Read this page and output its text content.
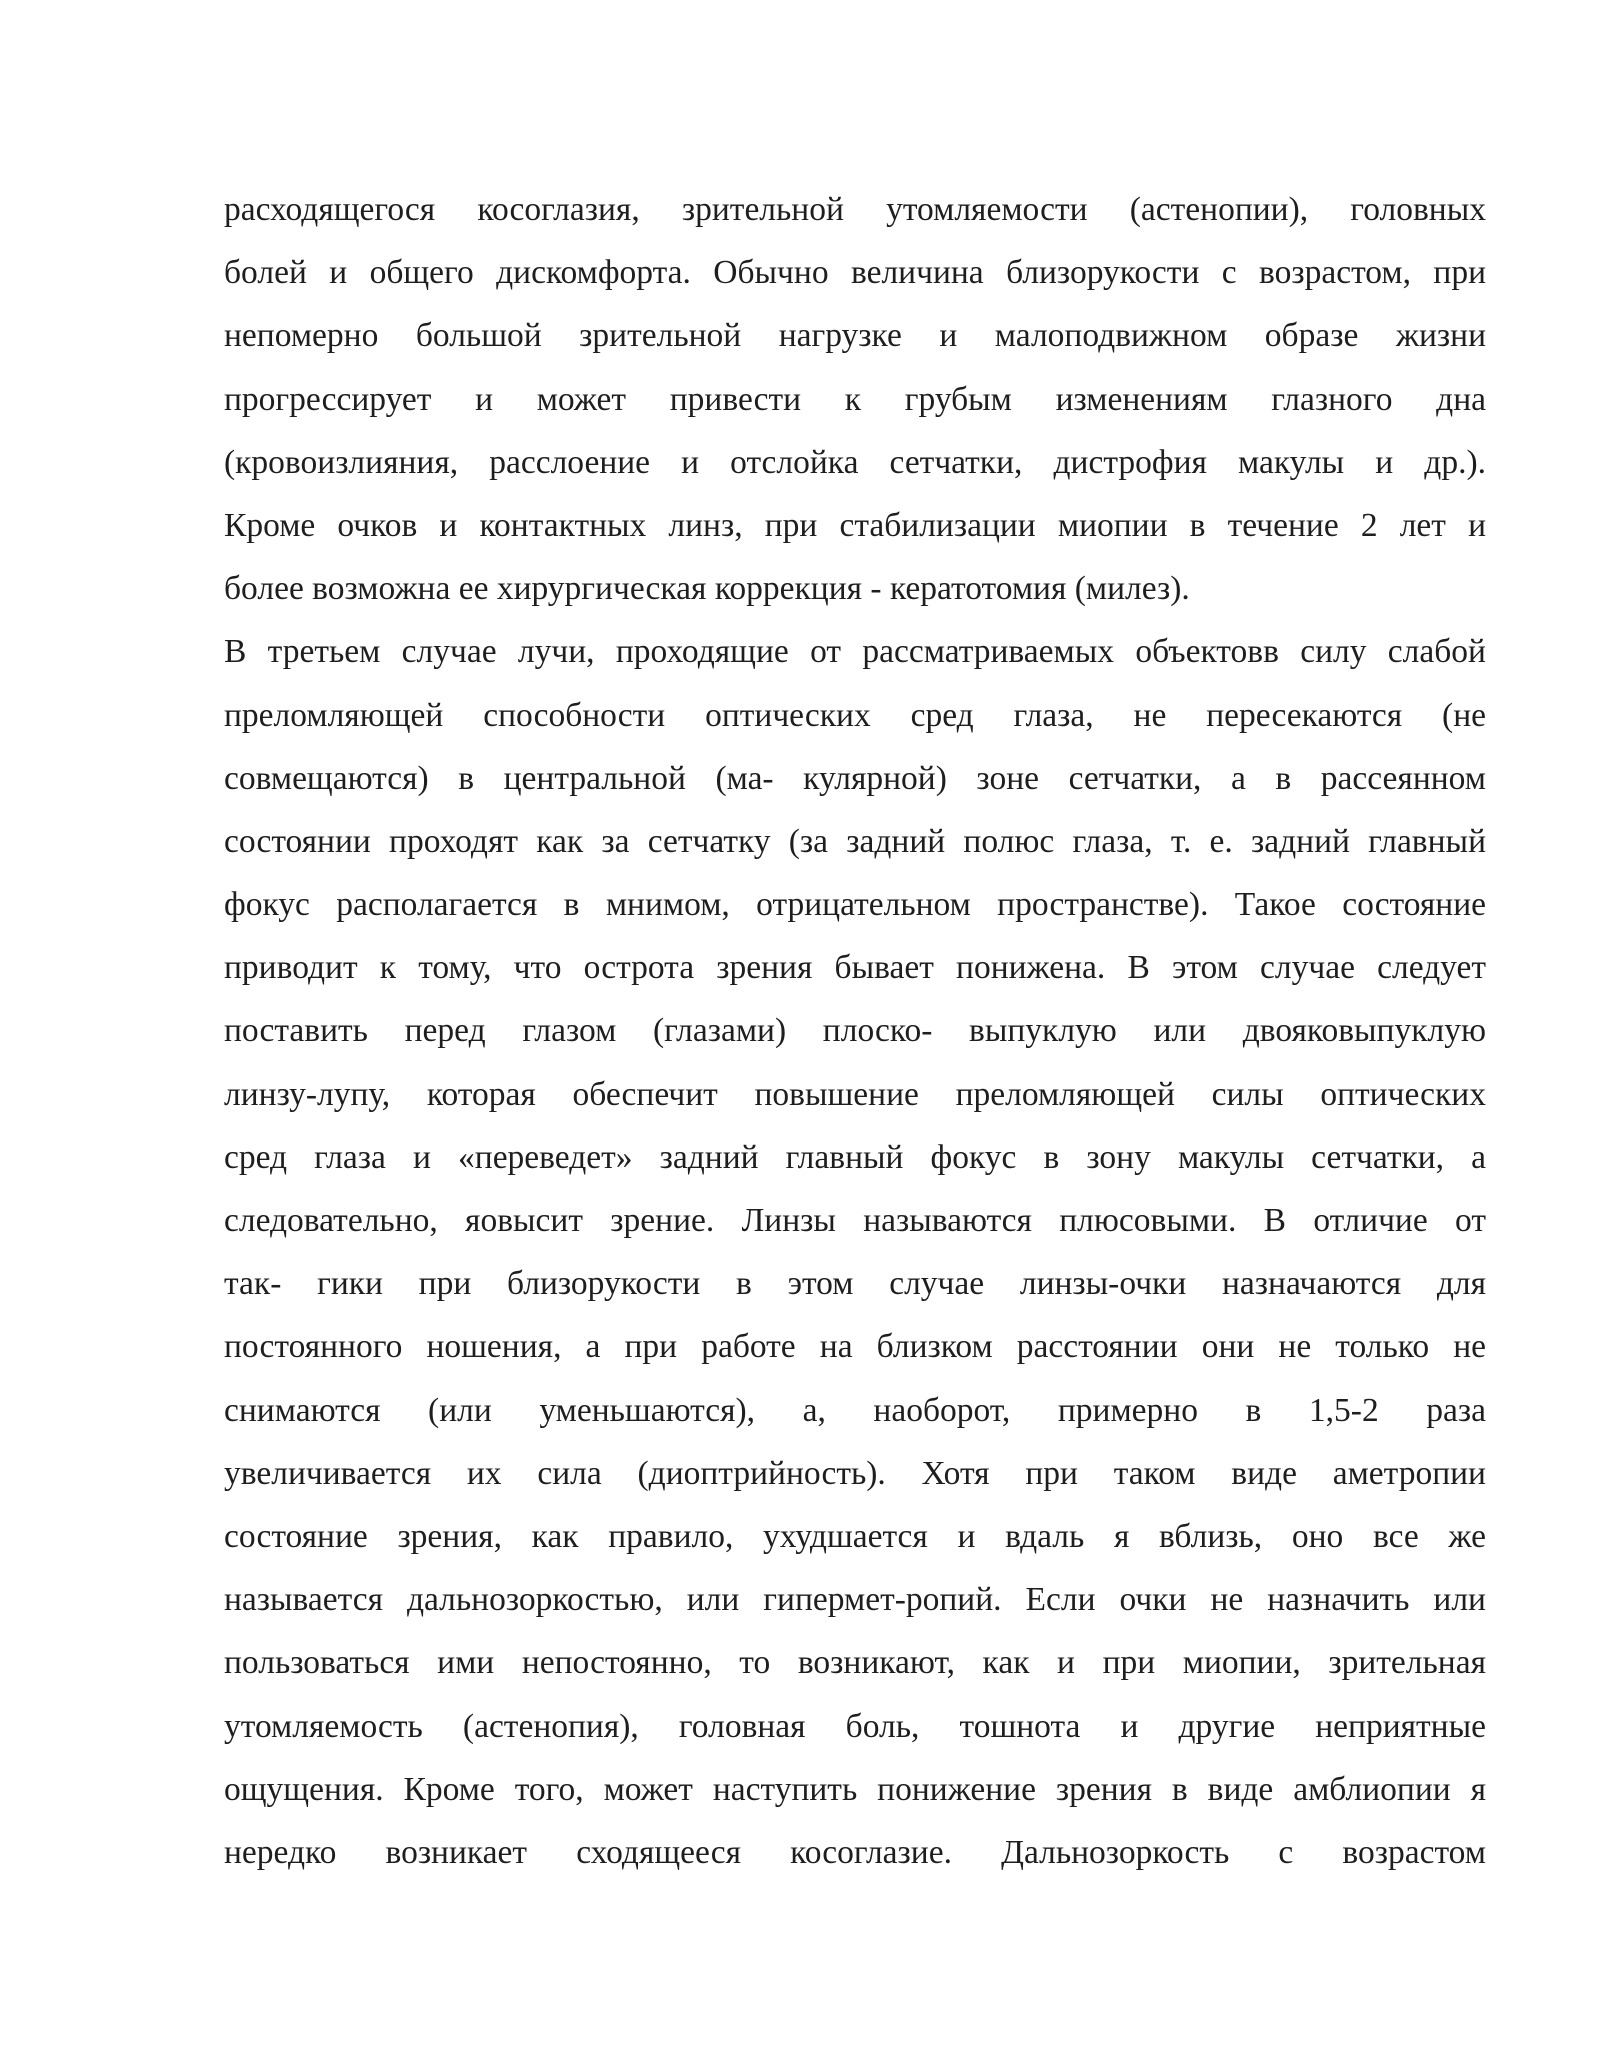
расходящегося косоглазия, зрительной утомляемости (астенопии), головных
болей и общего дискомфорта. Обычно величина близорукости с возрастом, при
непомерно большой зрительной нагрузке и малоподвижном образе жизни
прогрессирует и может привести к грубым изменениям глазного дна
(кровоизлияния, расслоение и отслойка сетчатки, дистрофия макулы и др.).
Кроме очков и контактных линз, при стабилизации миопии в течение 2 лет и
более возможна ее хирургическая коррекция - кератотомия (милез).
В третьем случае лучи, проходящие от рассматриваемых объектовв силу слабой
преломляющей способности оптических сред глаза, не пересекаются (не
совмещаются) в центральной (ма- кулярной) зоне сетчатки, а в рассеянном
состоянии проходят как за сетчатку (за задний полюс глаза, т. е. задний главный
фокус располагается в мнимом, отрицательном пространстве). Такое состояние
приводит к тому, что острота зрения бывает понижена. В этом случае следует
поставить перед глазом (глазами) плоско- выпуклую или двояковыпуклую
линзу-лупу, которая обеспечит повышение преломляющей силы оптических
сред глаза и «переведет» задний главный фокус в зону макулы сетчатки, а
следовательно, яовысит зрение. Линзы называются плюсовыми. В отличие от
так- гики при близорукости в этом случае линзы-очки назначаются для
постоянного ношения, а при работе на близком расстоянии они не только не
снимаются (или уменьшаются), а, наоборот, примерно в 1,5-2 раза
увеличивается их сила (диоптрийность). Хотя при таком виде аметропии
состояние зрения, как правило, ухудшается и вдаль я вблизь, оно все же
называется дальнозоркостью, или гипермет-ропий. Если очки не назначить или
пользоваться ими непостоянно, то возникают, как и при миопии, зрительная
утомляемость (астенопия), головная боль, тошнота и другие неприятные
ощущения. Кроме того, может наступить понижение зрения в виде амблиопии я
нередко возникает сходящееся косоглазие. Дальнозоркость с возрастом
